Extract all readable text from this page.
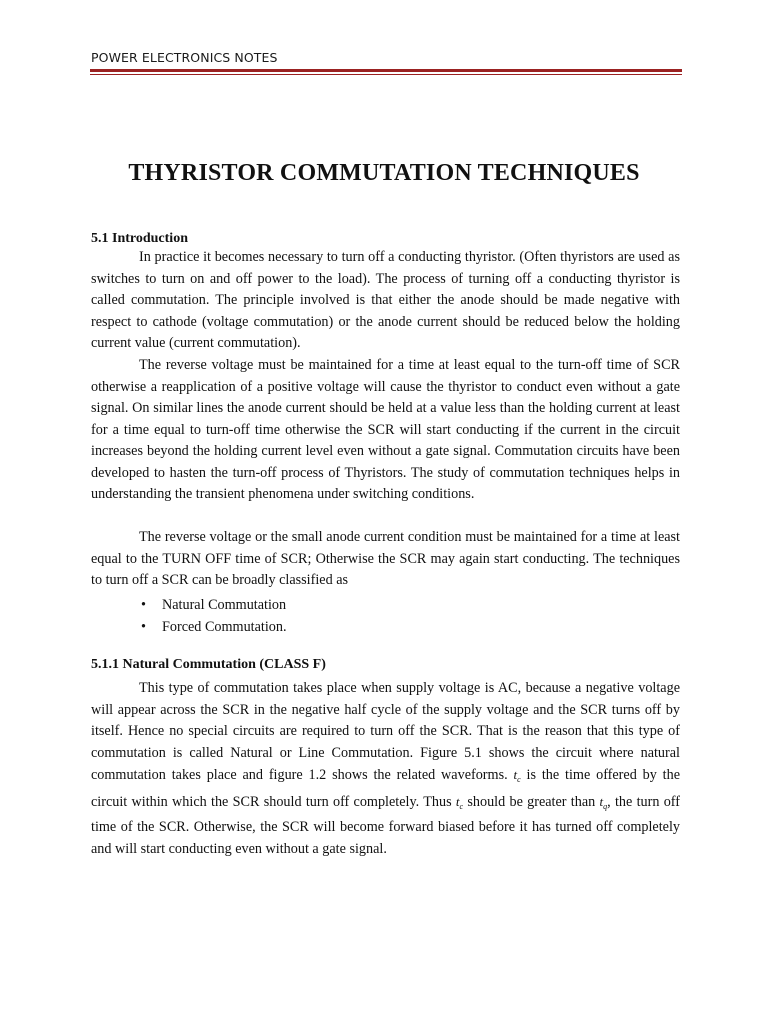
POWER ELECTRONICS NOTES
THYRISTOR COMMUTATION TECHNIQUES
5.1 Introduction

In practice it becomes necessary to turn off a conducting thyristor. (Often thyristors are used as switches to turn on and off power to the load). The process of turning off a conducting thyristor is called commutation. The principle involved is that either the anode should be made negative with respect to cathode (voltage commutation) or the anode current should be reduced below the holding current value (current commutation).

The reverse voltage must be maintained for a time at least equal to the turn-off time of SCR otherwise a reapplication of a positive voltage will cause the thyristor to conduct even without a gate signal. On similar lines the anode current should be held at a value less than the holding current at least for a time equal to turn-off time otherwise the SCR will start conducting if the current in the circuit increases beyond the holding current level even without a gate signal. Commutation circuits have been developed to hasten the turn-off process of Thyristors. The study of commutation techniques helps in understanding the transient phenomena under switching conditions.

The reverse voltage or the small anode current condition must be maintained for a time at least equal to the TURN OFF time of SCR; Otherwise the SCR may again start conducting. The techniques to turn off a SCR can be broadly classified as

• Natural Commutation
• Forced Commutation.
5.1.1 Natural Commutation (CLASS F)

This type of commutation takes place when supply voltage is AC, because a negative voltage will appear across the SCR in the negative half cycle of the supply voltage and the SCR turns off by itself. Hence no special circuits are required to turn off the SCR. That is the reason that this type of commutation is called Natural or Line Commutation. Figure 5.1 shows the circuit where natural commutation takes place and figure 1.2 shows the related waveforms. $t_c$ is the time offered by the circuit within which the SCR should turn off completely. Thus $t_c$ should be greater than $t_q$, the turn off time of the SCR. Otherwise, the SCR will become forward biased before it has turned off completely and will start conducting even without a gate signal.
